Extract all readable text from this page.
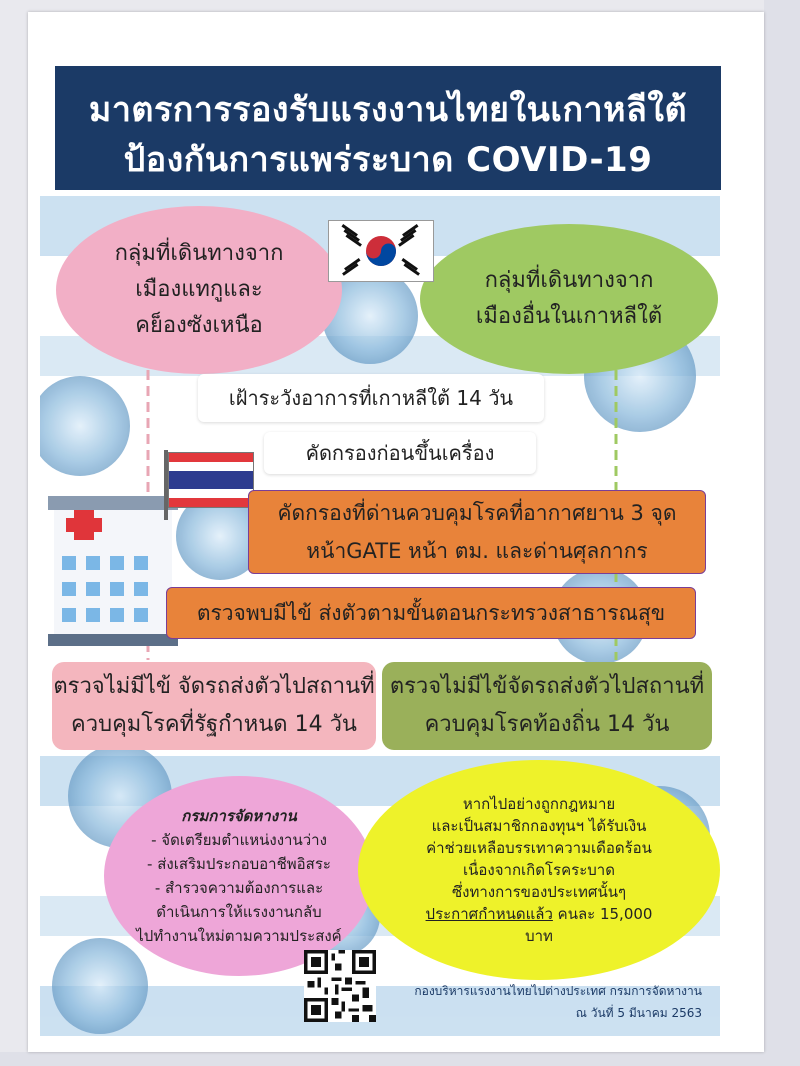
มาตรการรองรับแรงงานไทยในเกาหลีใต้
ป้องกันการแพร่ระบาด COVID-19
กลุ่มที่เดินทางจาก
เมืองแทกูและ
คย็องซังเหนือ
กลุ่มที่เดินทางจาก
เมืองอื่นในเกาหลีใต้
เฝ้าระวังอาการที่เกาหลีใต้ 14 วัน
คัดกรองก่อนขึ้นเครื่อง
คัดกรองที่ด่านควบคุมโรคที่อากาศยาน 3 จุด
หน้าGATE หน้า ตม. และด่านศุลกากร
ตรวจพบมีไข้ ส่งตัวตามขั้นตอนกระทรวงสาธารณสุข
ตรวจไม่มีไข้ จัดรถส่งตัวไปสถานที่
ควบคุมโรคที่รัฐกำหนด 14 วัน
ตรวจไม่มีไข้จัดรถส่งตัวไปสถานที่
ควบคุมโรคท้องถิ่น 14 วัน
กรมการจัดหางาน
- จัดเตรียมตำแหน่งงานว่าง
- ส่งเสริมประกอบอาชีพอิสระ
- สำรวจความต้องการและ
ดำเนินการให้แรงงานกลับ
ไปทำงานใหม่ตามความประสงค์
หากไปอย่างถูกกฎหมาย
และเป็นสมาชิกกองทุนฯ ได้รับเงิน
ค่าช่วยเหลือบรรเทาความเดือดร้อน
เนื่องจากเกิดโรคระบาด
ซึ่งทางการของประเทศนั้นๆ
ประกาศกำหนดแล้ว คนละ 15,000
บาท
กองบริหารแรงงานไทยไปต่างประเทศ กรมการจัดหางาน
ณ วันที่ 5 มีนาคม 2563
